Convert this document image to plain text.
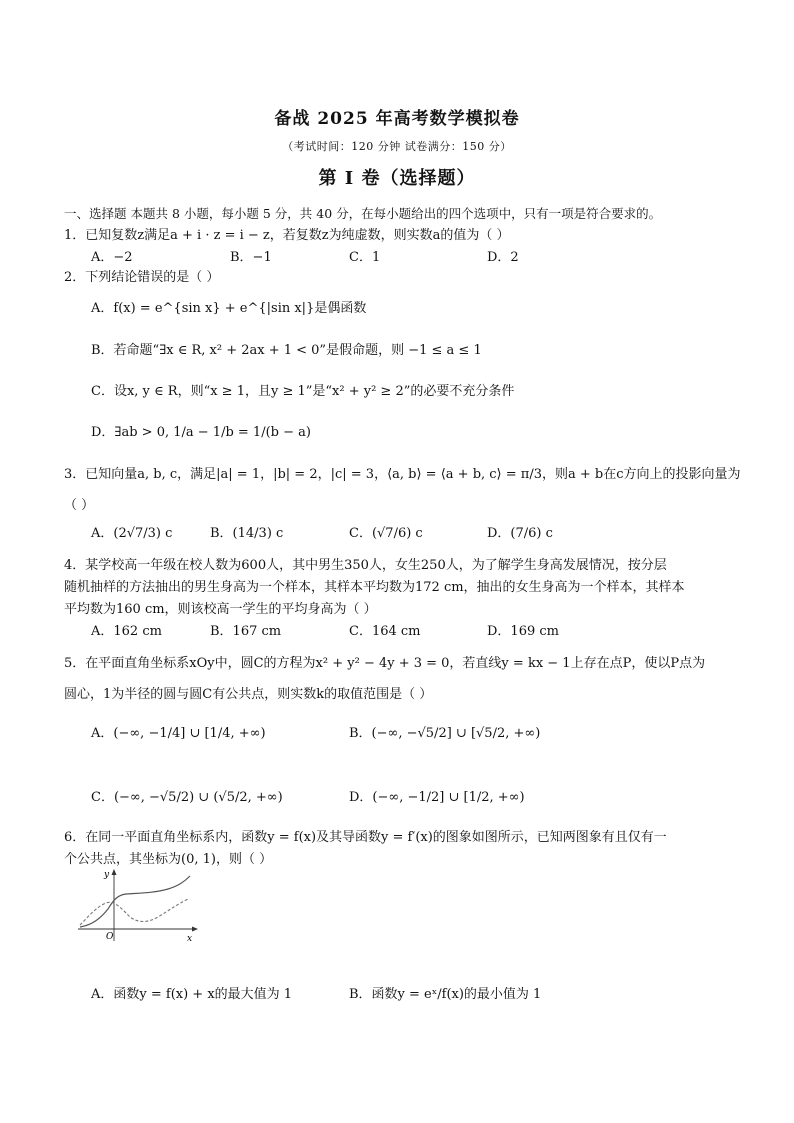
备战 2025 年高考数学模拟卷
（考试时间：120 分钟 试卷满分：150 分）
第 I 卷（选择题）
一、选择题 本题共 8 小题，每小题 5 分，共 40 分，在每小题给出的四个选项中，只有一项是符合要求的。
1．已知复数z满足a + i · z = i − z，若复数z为纯虚数，则实数a的值为（ ）
A．−2	B．−1	C．1	D．2
2．下列结论错误的是（ ）
A．f(x) = e^{sin x} + e^{|sin x|}是偶函数
B．若命题“∃x ∈ R, x² + 2ax + 1 < 0”是假命题，则 −1 ≤ a ≤ 1
C．设x, y ∈ R，则“x ≥ 1，且y ≥ 1”是“x² + y² ≥ 2”的必要不充分条件
D．∃ab > 0, 1/a − 1/b = 1/(b − a)
3．已知向量a, b, c，满足|a| = 1，|b| = 2，|c| = 3，⟨a, b⟩ = ⟨a + b, c⟩ = π/3，则a + b在c方向上的投影向量为
（ ）
A．(2√7/3) c	B．(14/3) c	C．(√7/6) c	D．(7/6) c
4．某学校高一年级在校人数为600人，其中男生350人，女生250人，为了解学生身高发展情况，按分层
随机抽样的方法抽出的男生身高为一个样本，其样本平均数为172 cm，抽出的女生身高为一个样本，其样本
平均数为160 cm，则该校高一学生的平均身高为（ ）
A．162 cm	B．167 cm	C．164 cm	D．169 cm
5．在平面直角坐标系xOy中，圆C的方程为x² + y² − 4y + 3 = 0，若直线y = kx − 1上存在点P，使以P点为
圆心，1为半径的圆与圆C有公共点，则实数k的取值范围是（ ）
A．(−∞, −1/4] ∪ [1/4, +∞)	B．(−∞, −√5/2] ∪ [√5/2, +∞)
C．(−∞, −√5/2) ∪ (√5/2, +∞)	D．(−∞, −1/2] ∪ [1/2, +∞)
6．在同一平面直角坐标系内，函数y = f(x)及其导函数y = f′(x)的图象如图所示，已知两图象有且仅有一
个公共点，其坐标为(0, 1)，则（ ）
y
x
O
A．函数y = f(x) + x的最大值为 1	B．函数y = eˣ/f(x)的最小值为 1
